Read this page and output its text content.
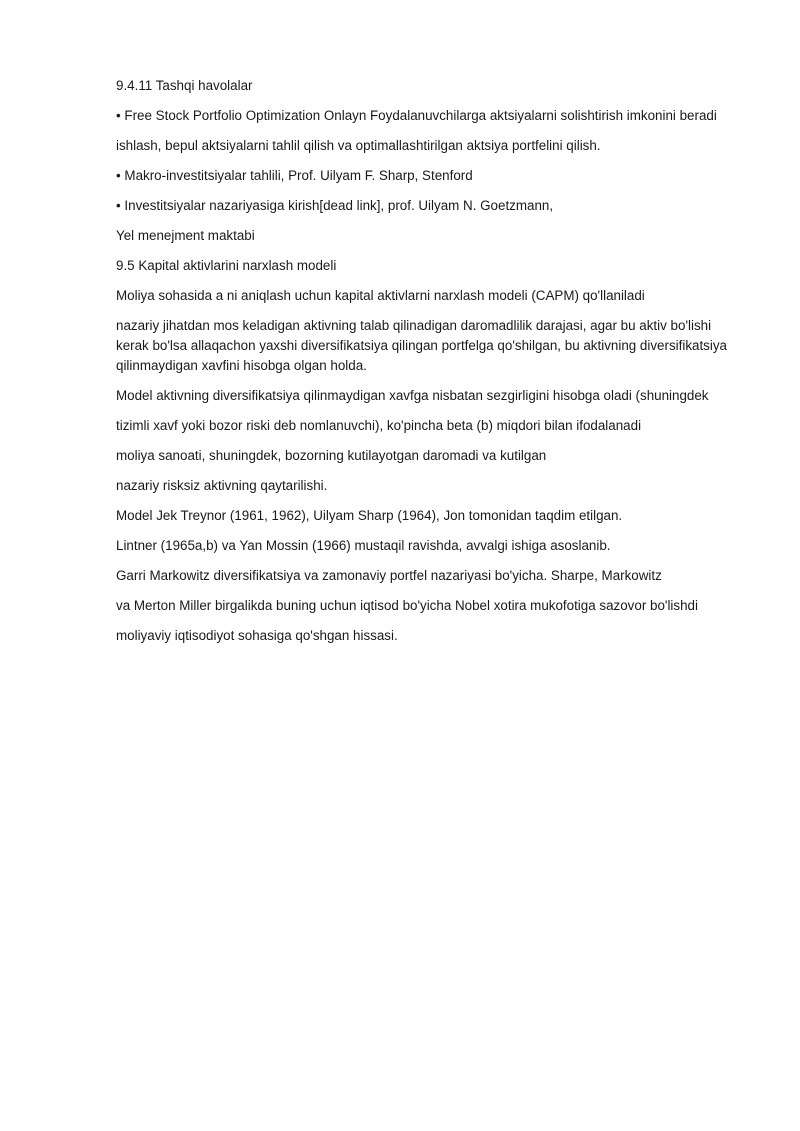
9.4.11 Tashqi havolalar

• Free Stock Portfolio Optimization Onlayn Foydalanuvchilarga aktsiyalarni solishtirish imkonini beradi

ishlash, bepul aktsiyalarni tahlil qilish va optimallashtirilgan aktsiya portfelini qilish.

• Makro-investitsiyalar tahlili, Prof. Uilyam F. Sharp, Stenford

• Investitsiyalar nazariyasiga kirish[dead link], prof. Uilyam N. Goetzmann,

Yel menejment maktabi

9.5 Kapital aktivlarini narxlash modeli

Moliya sohasida a ni aniqlash uchun kapital aktivlarni narxlash modeli (CAPM) qo'llaniladi

nazariy jihatdan mos keladigan aktivning talab qilinadigan daromadlilik darajasi, agar bu aktiv bo'lishi kerak bo'lsa allaqachon yaxshi diversifikatsiya qilingan portfelga qo'shilgan, bu aktivning diversifikatsiya qilinmaydigan xavfini hisobga olgan holda.

Model aktivning diversifikatsiya qilinmaydigan xavfga nisbatan sezgirligini hisobga oladi (shuningdek

tizimli xavf yoki bozor riski deb nomlanuvchi), ko'pincha beta (b) miqdori bilan ifodalanadi

moliya sanoati, shuningdek, bozorning kutilayotgan daromadi va kutilgan

nazariy risksiz aktivning qaytarilishi.

Model Jek Treynor (1961, 1962), Uilyam Sharp (1964), Jon tomonidan taqdim etilgan.

Lintner (1965a,b) va Yan Mossin (1966) mustaqil ravishda, avvalgi ishiga asoslanib.

Garri Markowitz diversifikatsiya va zamonaviy portfel nazariyasi bo'yicha. Sharpe, Markowitz

va Merton Miller birgalikda buning uchun iqtisod bo'yicha Nobel xotira mukofotiga sazovor bo'lishdi

moliyaviy iqtisodiyot sohasiga qo'shgan hissasi.
